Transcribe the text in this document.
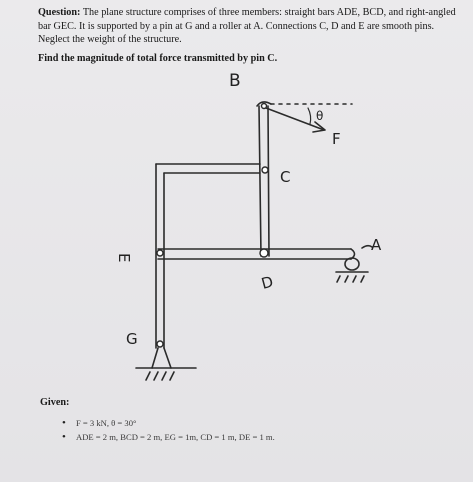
Question: The plane structure comprises of three members: straight bars ADE, BCD, and right-angled bar GEC. It is supported by a pin at G and a roller at A. Connections C, D and E are smooth pins. Neglect the weight of the structure.
Find the magnitude of total force transmitted by pin C.
B
C
D
E
G
A
F
θ
Given:
• F = 3 kN, θ = 30°
• ADE = 2 m, BCD = 2 m, EG = 1m, CD = 1 m, DE = 1 m.
